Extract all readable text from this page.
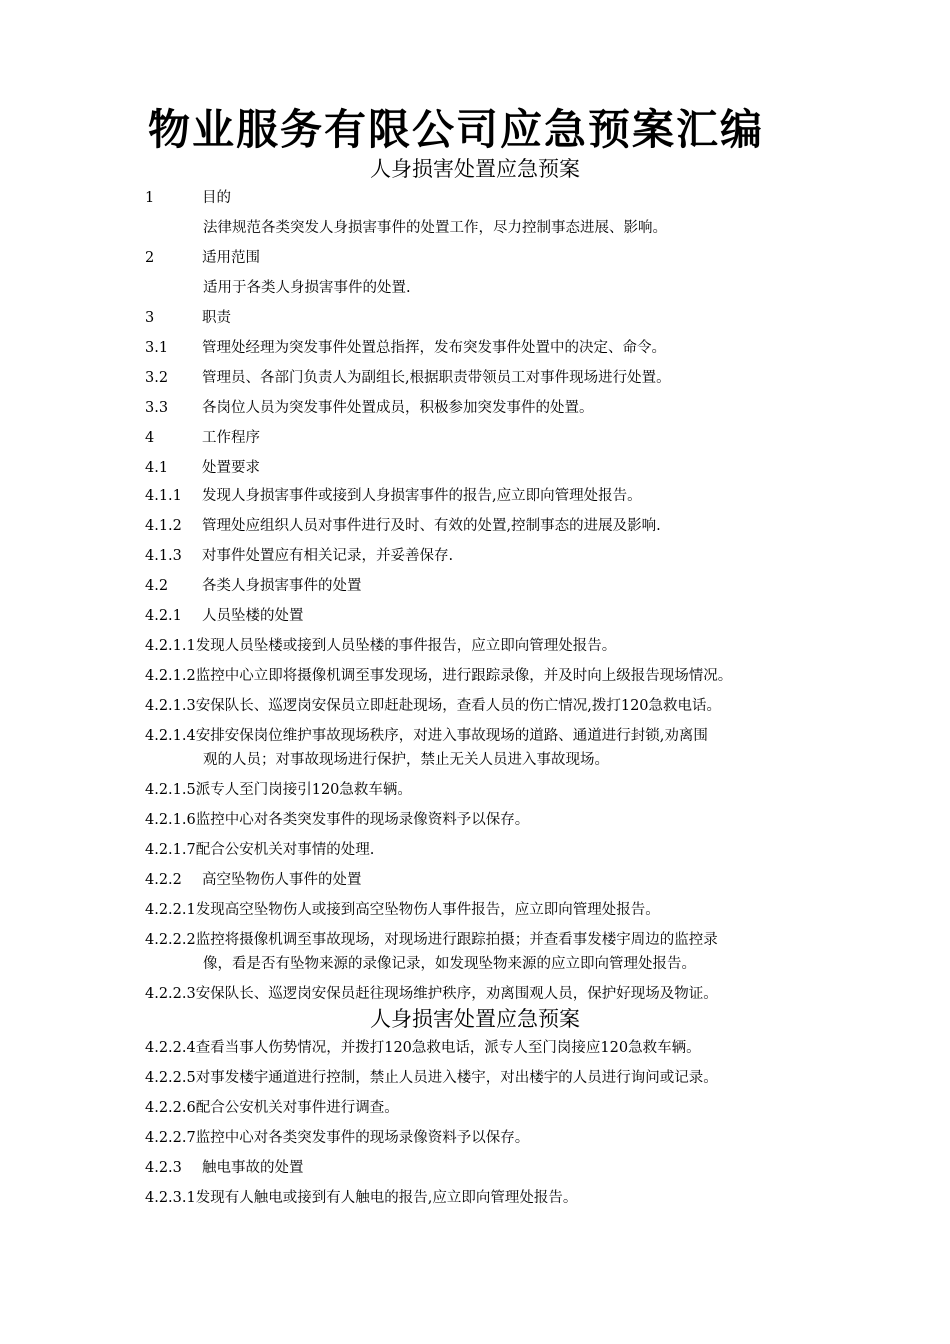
物业服务有限公司应急预案汇编
人身损害处置应急预案
1	目的
法律规范各类突发人身损害事件的处置工作，尽力控制事态进展、影响。
2	适用范围
适用于各类人身损害事件的处置.
3	职责
3.1 管理处经理为突发事件处置总指挥，发布突发事件处置中的决定、命令。
3.2 管理员、各部门负责人为副组长,根据职责带领员工对事件现场进行处置。
3.3 各岗位人员为突发事件处置成员，积极参加突发事件的处置。
4	工作程序
4.1 处置要求
4.1.1 发现人身损害事件或接到人身损害事件的报告,应立即向管理处报告。
4.1.2 管理处应组织人员对事件进行及时、有效的处置,控制事态的进展及影响.
4.1.3 对事件处置应有相关记录，并妥善保存.
4.2 各类人身损害事件的处置
4.2.1 人员坠楼的处置
4.2.1.1发现人员坠楼或接到人员坠楼的事件报告，应立即向管理处报告。
4.2.1.2监控中心立即将摄像机调至事发现场，进行跟踪录像，并及时向上级报告现场情况。
4.2.1.3安保队长、巡逻岗安保员立即赶赴现场，查看人员的伤亡情况,拨打120急救电话。
4.2.1.4安排安保岗位维护事故现场秩序，对进入事故现场的道路、通道进行封锁,劝离围
观的人员；对事故现场进行保护，禁止无关人员进入事故现场。
4.2.1.5派专人至门岗接引120急救车辆。
4.2.1.6监控中心对各类突发事件的现场录像资料予以保存。
4.2.1.7配合公安机关对事情的处理.
4.2.2 高空坠物伤人事件的处置
4.2.2.1发现高空坠物伤人或接到高空坠物伤人事件报告，应立即向管理处报告。
4.2.2.2监控将摄像机调至事故现场，对现场进行跟踪拍摄；并查看事发楼宇周边的监控录
像，看是否有坠物来源的录像记录，如发现坠物来源的应立即向管理处报告。
4.2.2.3安保队长、巡逻岗安保员赶往现场维护秩序，劝离围观人员，保护好现场及物证。
4.2.2.4查看当事人伤势情况，并拨打120急救电话，派专人至门岗接应120急救车辆。
4.2.2.5对事发楼宇通道进行控制，禁止人员进入楼宇，对出楼宇的人员进行询问或记录。
4.2.2.6配合公安机关对事件进行调查。
4.2.2.7监控中心对各类突发事件的现场录像资料予以保存。
4.2.3 触电事故的处置
4.2.3.1发现有人触电或接到有人触电的报告,应立即向管理处报告。
人身损害处置应急预案
